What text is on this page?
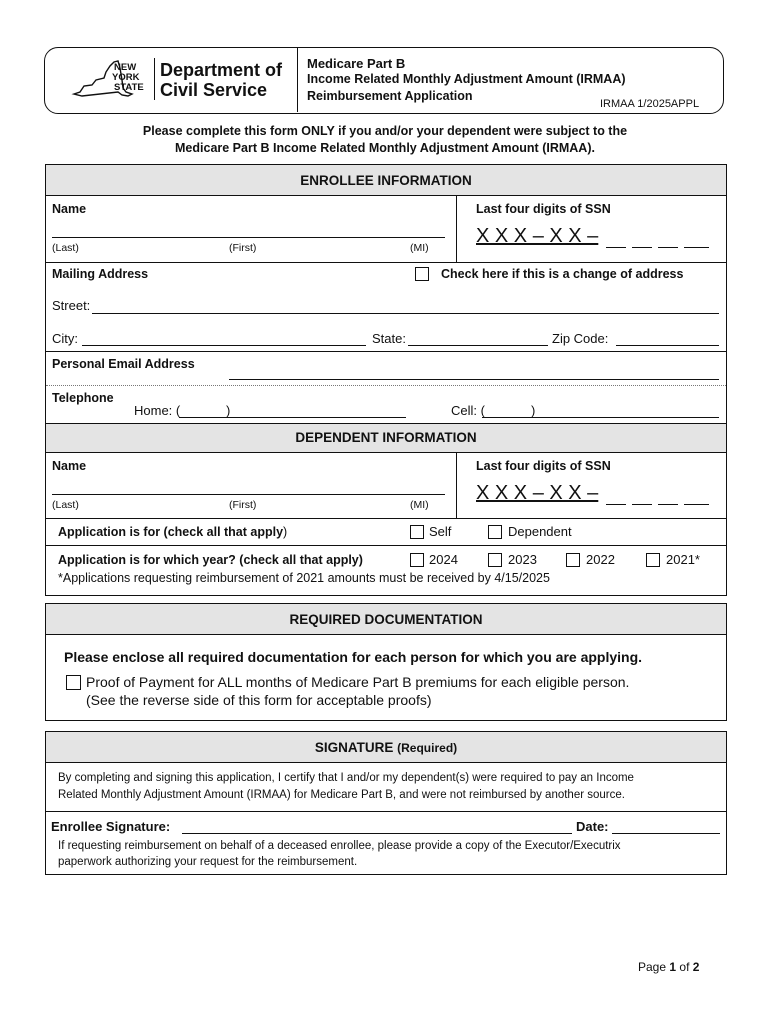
NEW
YORK
STATE
Department of
Civil Service
Medicare Part B
Income Related Monthly Adjustment Amount (IRMAA)
Reimbursement Application
IRMAA 1/2025APPL
Please complete this form ONLY if you and/or your dependent were subject to the
Medicare Part B Income Related Monthly Adjustment Amount (IRMAA).
ENROLLEE INFORMATION
Name
(Last)	(First)	(MI)
Last four digits of SSN
X X X – X X –
Mailing Address	Check here if this is a change of address
Street:
City:	State:	Zip Code:
Personal Email Address
Telephone
Home: (	)	Cell: (	)
DEPENDENT INFORMATION
Name
(Last)	(First)	(MI)
Last four digits of SSN
X X X – X X –
Application is for (check all that apply)	Self	Dependent
Application is for which year? (check all that apply)	2024	2023	2022	2021*
*Applications requesting reimbursement of 2021 amounts must be received by 4/15/2025
REQUIRED DOCUMENTATION
Please enclose all required documentation for each person for which you are applying.
Proof of Payment for ALL months of Medicare Part B premiums for each eligible person.
(See the reverse side of this form for acceptable proofs)
SIGNATURE (Required)
By completing and signing this application, I certify that I and/or my dependent(s) were required to pay an Income
Related Monthly Adjustment Amount (IRMAA) for Medicare Part B, and were not reimbursed by another source.
Enrollee Signature:	Date:
If requesting reimbursement on behalf of a deceased enrollee, please provide a copy of the Executor/Executrix
paperwork authorizing your request for the reimbursement.
Page 1 of 2
